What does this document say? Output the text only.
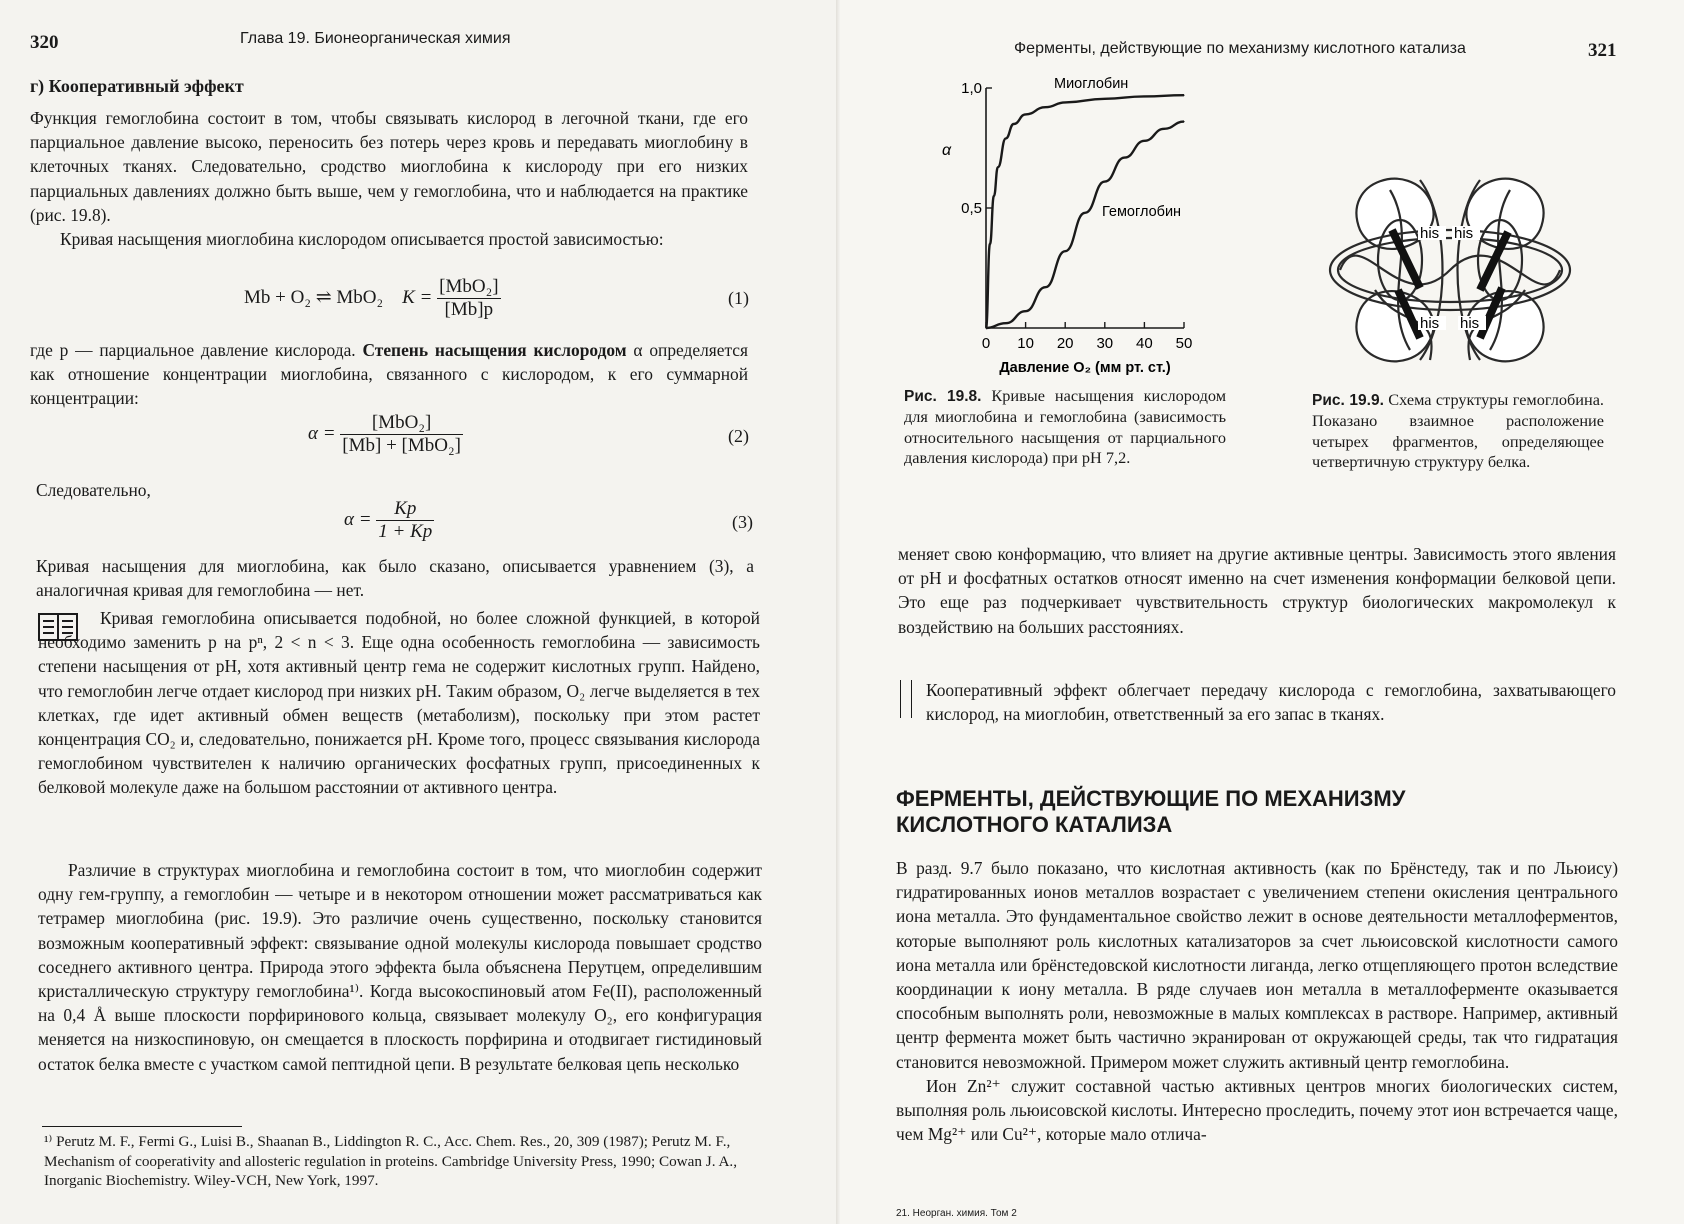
320	Глава 19. Бионеорганическая химия
г) Кооперативный эффект

Функция гемоглобина состоит в том, чтобы связывать кислород в легочной ткани, где его парциальное давление высоко, переносить без потерь через кровь и передавать миоглобину в клеточных тканях. Следовательно, сродство миоглобина к кислороду при его низких парциальных давлениях должно быть выше, чем у гемоглобина, что и наблюдается на практике (рис. 19.8).

Кривая насыщения миоглобина кислородом описывается простой зависимостью:

Mb + O₂ ⇌ MbO₂ $K = \frac{\text{[MbO₂]}}{[Mb]p}$	(1)

где p — парциальное давление кислорода. Степень насыщения кислородом α определяется как отношение концентрации миоглобина, связанного с кислородом, к его суммарной концентрации:

$\alpha = \frac{\text{[MbO₂]}}{\text{[Mb] + [MbO₂]}}$	(2)
Следовательно,
$\alpha = \frac{Kp}{1 + Kp}$	(3)
Кривая насыщения для миоглобина, как было сказано, описывается уравнением (3), а аналогичная кривая для гемоглобина — нет.
Кривая гемоглобина описывается подобной, но более сложной функцией, в которой необходимо заменить p на pⁿ, 2 < n < 3. Еще одна особенность гемоглобина — зависимость степени насыщения от pH, хотя активный центр гема не содержит кислотных групп. Найдено, что гемоглобин легче отдает кислород при низких pH. Таким образом, O₂ легче выделяется в тех клетках, где идет активный обмен веществ (метаболизм), поскольку при этом растет концентрация CO₂ и, следовательно, понижается pH. Кроме того, процесс связывания кислорода гемоглобином чувствителен к наличию органических фосфатных групп, присоединенных к белковой молекуле даже на большом расстоянии от активного центра.
Различие в структурах миоглобина и гемоглобина состоит в том, что миоглобин содержит одну гем-группу, а гемоглобин — четыре и в некотором отношении может рассматриваться как тетрамер миоглобина (рис. 19.9). Это различие очень существенно, поскольку становится возможным кооперативный эффект: связывание одной молекулы кислорода повышает сродство соседнего активного центра. Природа этого эффекта была объяснена Перутцем, определившим кристаллическую структуру гемоглобина¹⁾. Когда высокоспиновый атом Fe(II), расположенный на 0,4 Å выше плоскости порфиринового кольца, связывает молекулу O₂, его конфигурация меняется на низкоспиновую, он смещается в плоскость порфирина и отодвигает гистидиновый остаток белка вместе с участком самой пептидной цепи. В результате белковая цепь несколько
¹⁾ Perutz M. F., Fermi G., Luisi B., Shaanan B., Liddington R. C., Acc. Chem. Res., 20, 309 (1987); Perutz M. F., Mechanism of cooperativity and allosteric regulation in proteins. Cambridge University Press, 1990; Cowan J. A., Inorganic Biochemistry. Wiley-VCH, New York, 1997.
Ферменты, действующие по механизму кислотного катализа	321
0 10 20 30 40 50
0,5
1,0
α
Давление O₂ (мм рт. ст.)
Миоглобин
Гемоглобин
his his
his his
Рис. 19.8. Кривые насыщения кислородом для миоглобина и гемоглобина (зависимость относительного насыщения от парциального давления кислорода) при pH 7,2.
Рис. 19.9. Схема структуры гемоглобина. Показано взаимное расположение четырех фрагментов, определяющее четвертичную структуру белка.
меняет свою конформацию, что влияет на другие активные центры. Зависимость этого явления от pH и фосфатных остатков относят именно на счет изменения конформации белковой цепи. Это еще раз подчеркивает чувствительность структур биологических макромолекул к воздействию на больших расстояниях.
Кооперативный эффект облегчает передачу кислорода с гемоглобина, захватывающего кислород, на миоглобин, ответственный за его запас в тканях.
ФЕРМЕНТЫ, ДЕЙСТВУЮЩИЕ ПО МЕХАНИЗМУ
КИСЛОТНОГО КАТАЛИЗА

В разд. 9.7 было показано, что кислотная активность (как по Брёнстеду, так и по Льюису) гидратированных ионов металлов возрастает с увеличением степени окисления центрального иона металла. Это фундаментальное свойство лежит в основе деятельности металлоферментов, которые выполняют роль кислотных катализаторов за счет льюисовской кислотности самого иона металла или брёнстедовской кислотности лиганда, легко отщепляющего протон вследствие координации к иону металла. В ряде случаев ион металла в металлоферменте оказывается способным выполнять роли, невозможные в малых комплексах в растворе. Например, активный центр фермента может быть частично экранирован от окружающей среды, так что гидратация становится невозможной. Примером может служить активный центр гемоглобина.

Ион Zn²⁺ служит составной частью активных центров многих биологических систем, выполняя роль льюисовской кислоты. Интересно проследить, почему этот ион встречается чаще, чем Mg²⁺ или Cu²⁺, которые мало отлича-

21. Неорган. химия. Том 2
